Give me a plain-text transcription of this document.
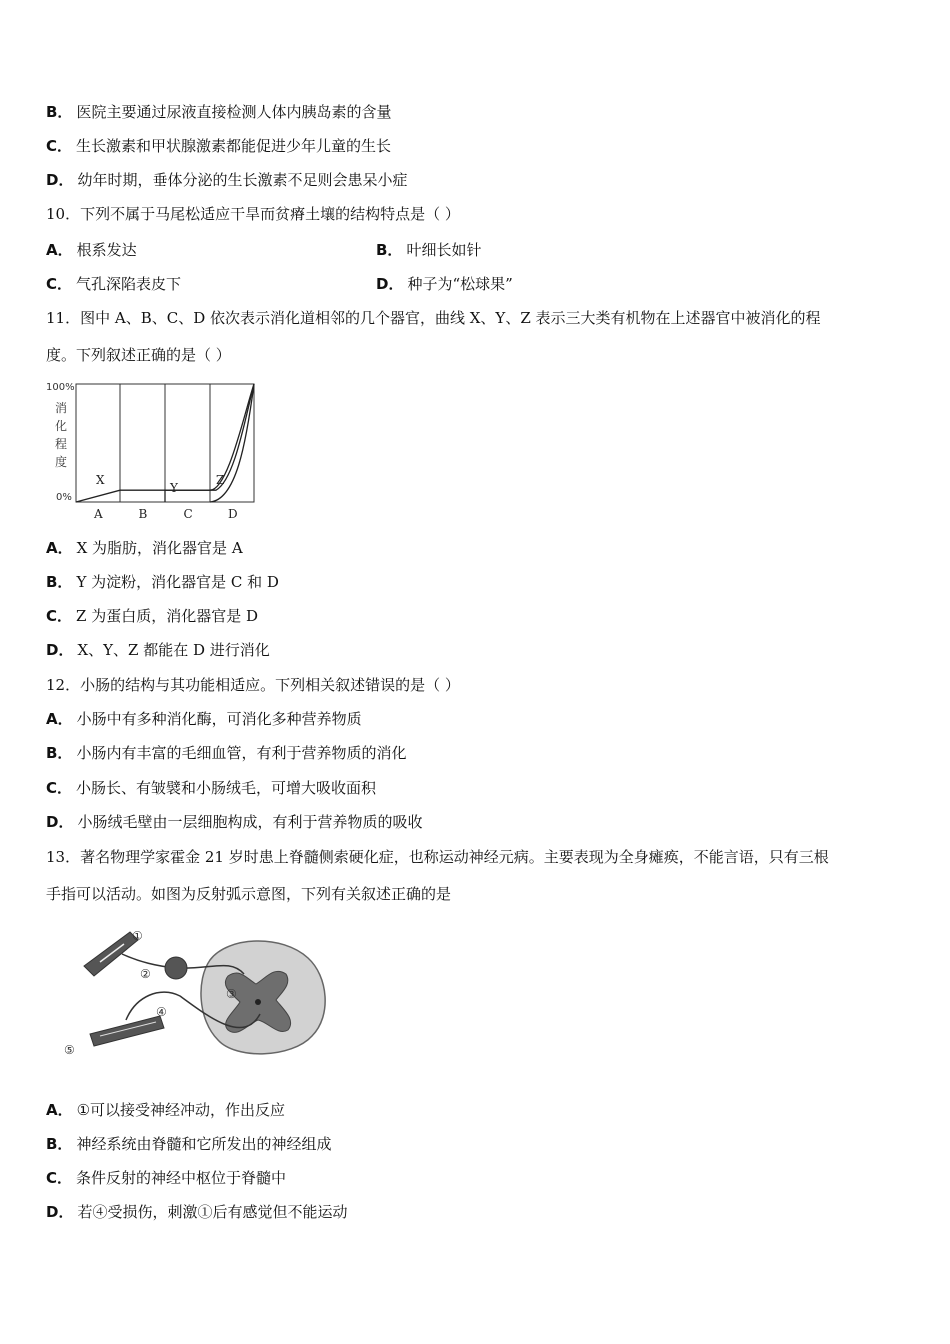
B． 医院主要通过尿液直接检测人体内胰岛素的含量
C． 生长激素和甲状腺激素都能促进少年儿童的生长
D． 幼年时期，垂体分泌的生长激素不足则会患呆小症
10．下列不属于马尾松适应干旱而贫瘠土壤的结构特点是（ ）
A． 根系发达	B． 叶细长如针
C． 气孔深陷表皮下	D． 种子为“松球果”
11．图中 A、B、C、D 依次表示消化道相邻的几个器官，曲线 X、Y、Z 表示三大类有机物在上述器官中被消化的程
度。下列叙述正确的是（ ）
100%
0%
消
化
程
度
X
Y
Z
A	B	C	D
A． X 为脂肪，消化器官是 A
B． Y 为淀粉，消化器官是 C 和 D
C． Z 为蛋白质，消化器官是 D
D． X、Y、Z 都能在 D 进行消化
12．小肠的结构与其功能相适应。下列相关叙述错误的是（ ）
A． 小肠中有多种消化酶，可消化多种营养物质
B． 小肠内有丰富的毛细血管，有利于营养物质的消化
C． 小肠长、有皱襞和小肠绒毛，可增大吸收面积
D． 小肠绒毛壁由一层细胞构成，有利于营养物质的吸收
13．著名物理学家霍金 21 岁时患上脊髓侧索硬化症，也称运动神经元病。主要表现为全身瘫痪，不能言语，只有三根
手指可以活动。如图为反射弧示意图，下列有关叙述正确的是
①
②
③
④
⑤
A． ①可以接受神经冲动，作出反应
B． 神经系统由脊髓和它所发出的神经组成
C． 条件反射的神经中枢位于脊髓中
D． 若④受损伤，刺激①后有感觉但不能运动
